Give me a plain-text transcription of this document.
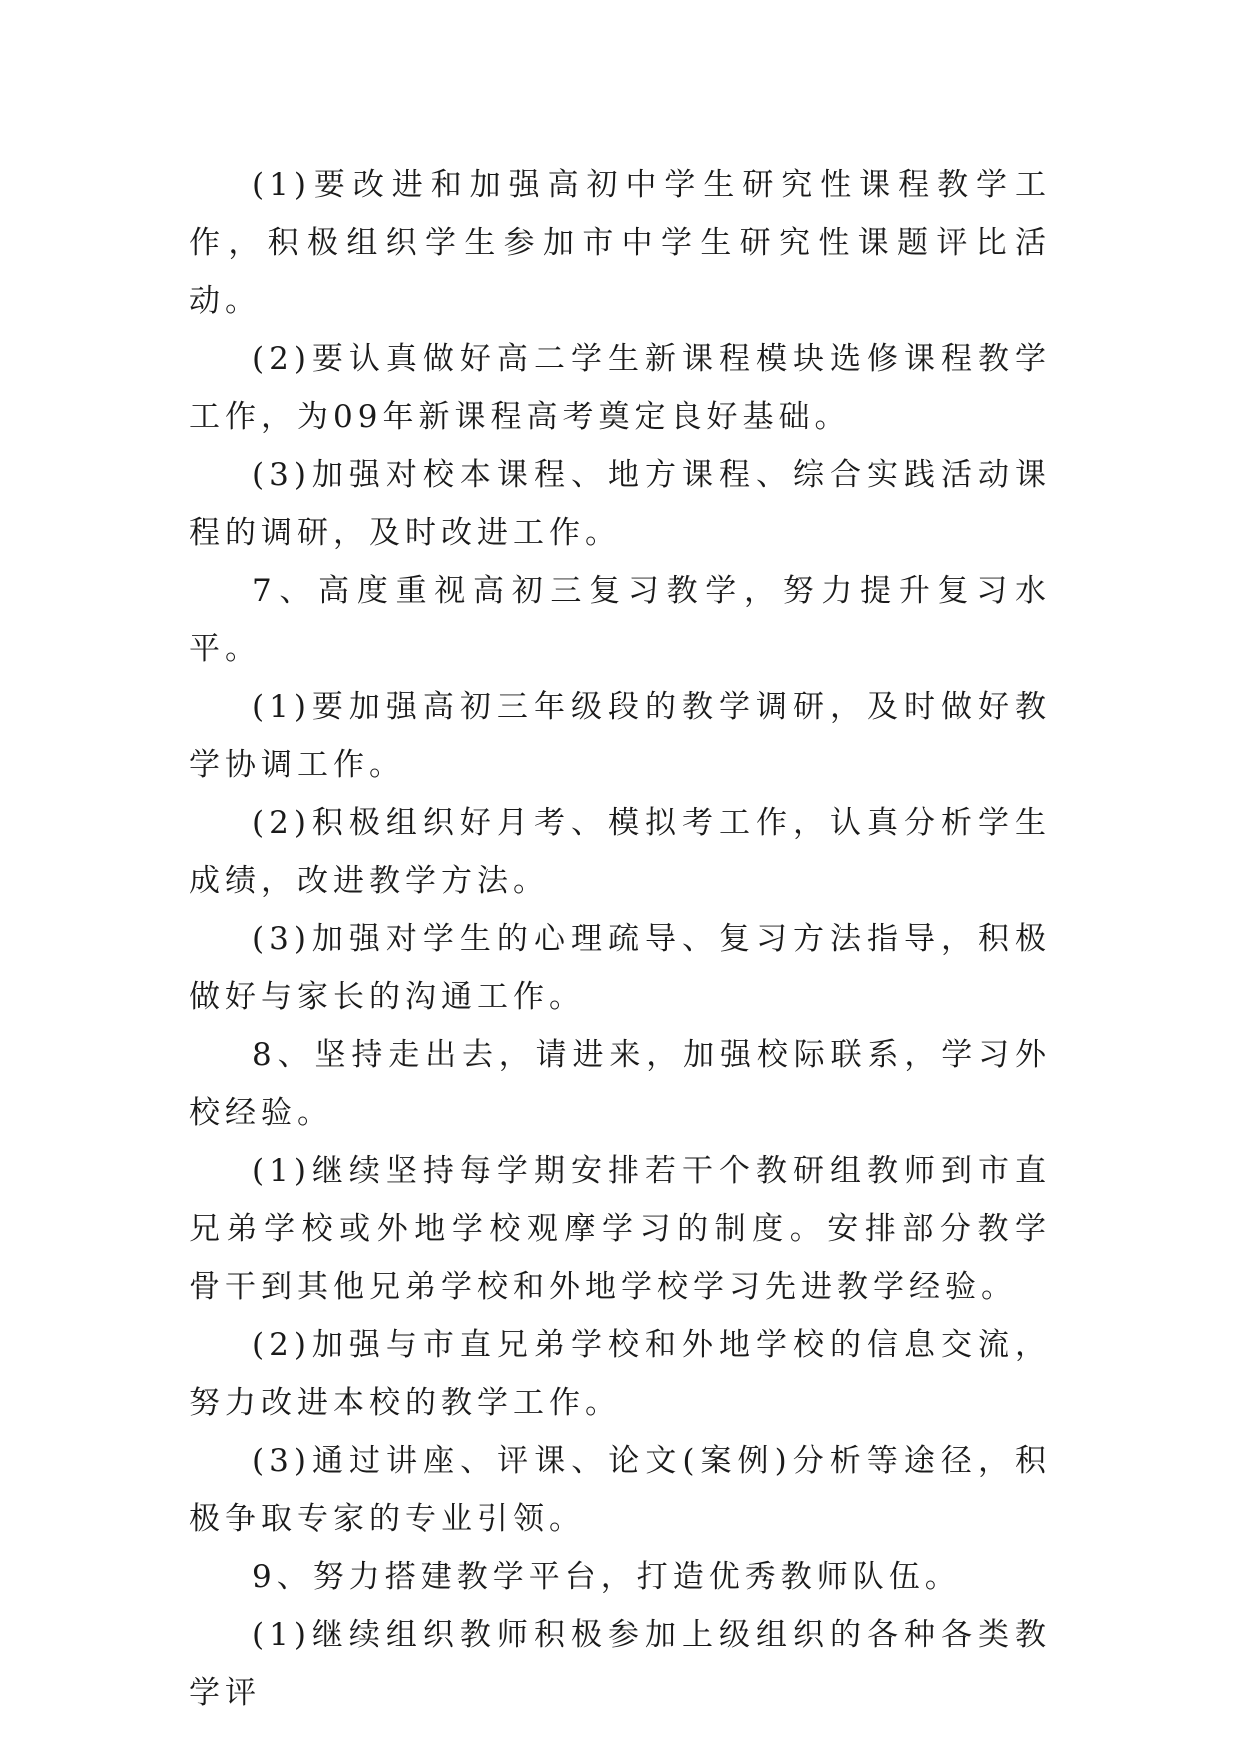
(1)要改进和加强高初中学生研究性课程教学工作，积极组织学生参加市中学生研究性课题评比活动。

(2)要认真做好高二学生新课程模块选修课程教学工作，为09年新课程高考奠定良好基础。

(3)加强对校本课程、地方课程、综合实践活动课程的调研，及时改进工作。

7、高度重视高初三复习教学，努力提升复习水平。

(1)要加强高初三年级段的教学调研，及时做好教学协调工作。

(2)积极组织好月考、模拟考工作，认真分析学生成绩，改进教学方法。

(3)加强对学生的心理疏导、复习方法指导，积极做好与家长的沟通工作。

8、坚持走出去，请进来，加强校际联系，学习外校经验。

(1)继续坚持每学期安排若干个教研组教师到市直兄弟学校或外地学校观摩学习的制度。安排部分教学骨干到其他兄弟学校和外地学校学习先进教学经验。

(2)加强与市直兄弟学校和外地学校的信息交流，努力改进本校的教学工作。

(3)通过讲座、评课、论文(案例)分析等途径，积极争取专家的专业引领。

9、努力搭建教学平台，打造优秀教师队伍。

(1)继续组织教师积极参加上级组织的各种各类教学评
